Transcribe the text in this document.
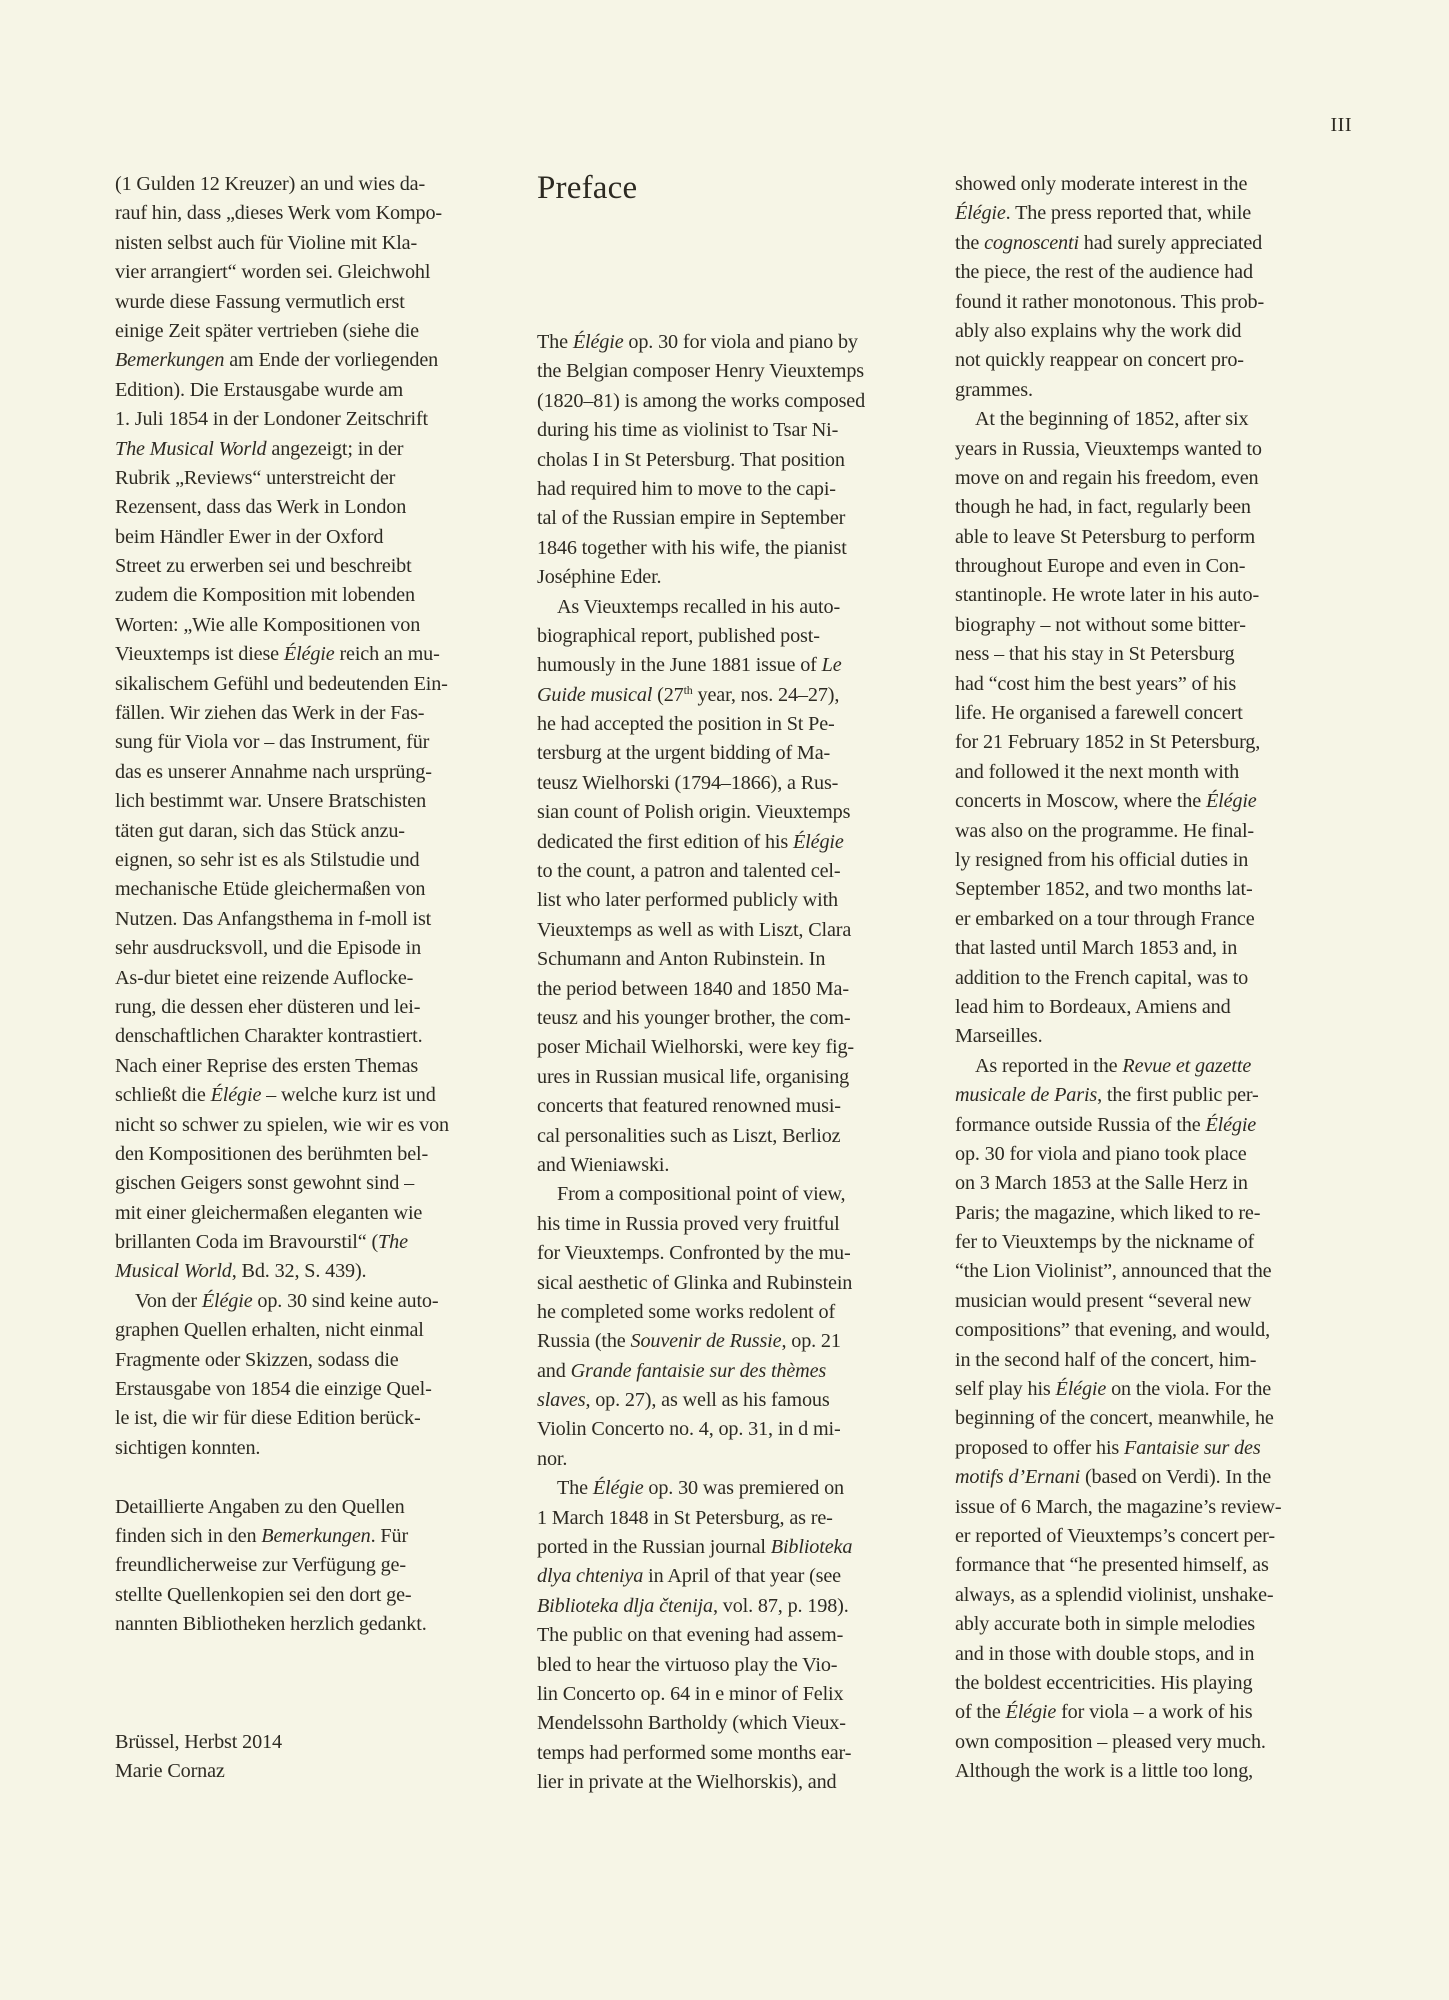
III
(1 Gulden 12 Kreuzer) an und wies da-
rauf hin, dass „dieses Werk vom Kompo-
nisten selbst auch für Violine mit Kla-
vier arrangiert“ worden sei. Gleichwohl
wurde diese Fassung vermutlich erst
einige Zeit später vertrieben (siehe die
Bemerkungen am Ende der vorliegenden
Edition). Die Erstausgabe wurde am
1. Juli 1854 in der Londoner Zeitschrift
The Musical World angezeigt; in der
Rubrik „Reviews“ unterstreicht der
Rezensent, dass das Werk in London
beim Händler Ewer in der Oxford
Street zu erwerben sei und beschreibt
zudem die Komposition mit lobenden
Worten: „Wie alle Kompositionen von
Vieuxtemps ist diese Élégie reich an mu-
sikalischem Gefühl und bedeutenden Ein-
fällen. Wir ziehen das Werk in der Fas-
sung für Viola vor – das Instrument, für
das es unserer Annahme nach ursprüng-
lich bestimmt war. Unsere Bratschisten
täten gut daran, sich das Stück anzu-
eignen, so sehr ist es als Stilstudie und
mechanische Etüde gleichermaßen von
Nutzen. Das Anfangsthema in f-moll ist
sehr ausdrucksvoll, und die Episode in
As-dur bietet eine reizende Auflocke-
rung, die dessen eher düsteren und lei-
denschaftlichen Charakter kontrastiert.
Nach einer Reprise des ersten Themas
schließt die Élégie – welche kurz ist und
nicht so schwer zu spielen, wie wir es von
den Kompositionen des berühmten bel-
gischen Geigers sonst gewohnt sind –
mit einer gleichermaßen eleganten wie
brillanten Coda im Bravourstil“ (The
Musical World, Bd. 32, S. 439).
Von der Élégie op. 30 sind keine auto-
graphen Quellen erhalten, nicht einmal
Fragmente oder Skizzen, sodass die
Erstausgabe von 1854 die einzige Quel-
le ist, die wir für diese Edition berück-
sichtigen konnten.
Detaillierte Angaben zu den Quellen
finden sich in den Bemerkungen. Für
freundlicherweise zur Verfügung ge-
stellte Quellenkopien sei den dort ge-
nannten Bibliotheken herzlich gedankt.
Brüssel, Herbst 2014
Marie Cornaz
Preface
The Élégie op. 30 for viola and piano by
the Belgian composer Henry Vieuxtemps
(1820–81) is among the works composed
during his time as violinist to Tsar Ni-
cholas I in St Petersburg. That position
had required him to move to the capi-
tal of the Russian empire in September
1846 together with his wife, the pianist
Joséphine Eder.
As Vieuxtemps recalled in his auto-
biographical report, published post-
humously in the June 1881 issue of Le
Guide musical (27th year, nos. 24–27),
he had accepted the position in St Pe-
tersburg at the urgent bidding of Ma-
teusz Wielhorski (1794–1866), a Rus-
sian count of Polish origin. Vieuxtemps
dedicated the first edition of his Élégie
to the count, a patron and talented cel-
list who later performed publicly with
Vieuxtemps as well as with Liszt, Clara
Schumann and Anton Rubinstein. In
the period between 1840 and 1850 Ma-
teusz and his younger brother, the com-
poser Michail Wielhorski, were key fig-
ures in Russian musical life, organising
concerts that featured renowned musi-
cal personalities such as Liszt, Berlioz
and Wieniawski.
From a compositional point of view,
his time in Russia proved very fruitful
for Vieuxtemps. Confronted by the mu-
sical aesthetic of Glinka and Rubinstein
he completed some works redolent of
Russia (the Souvenir de Russie, op. 21
and Grande fantaisie sur des thèmes
slaves, op. 27), as well as his famous
Violin Concerto no. 4, op. 31, in d mi-
nor.
The Élégie op. 30 was premiered on
1 March 1848 in St Petersburg, as re-
ported in the Russian journal Biblioteka
dlya chteniya in April of that year (see
Biblioteka dlja čtenija, vol. 87, p. 198).
The public on that evening had assem-
bled to hear the virtuoso play the Vio-
lin Concerto op. 64 in e minor of Felix
Mendelssohn Bartholdy (which Vieux-
temps had performed some months ear-
lier in private at the Wielhorskis), and
showed only moderate interest in the
Élégie. The press reported that, while
the cognoscenti had surely appreciated
the piece, the rest of the audience had
found it rather monotonous. This prob-
ably also explains why the work did
not quickly reappear on concert pro-
grammes.
At the beginning of 1852, after six
years in Russia, Vieuxtemps wanted to
move on and regain his freedom, even
though he had, in fact, regularly been
able to leave St Petersburg to perform
throughout Europe and even in Con-
stantinople. He wrote later in his auto-
biography – not without some bitter-
ness – that his stay in St Petersburg
had “cost him the best years” of his
life. He organised a farewell concert
for 21 February 1852 in St Petersburg,
and followed it the next month with
concerts in Moscow, where the Élégie
was also on the programme. He final-
ly resigned from his official duties in
September 1852, and two months lat-
er embarked on a tour through France
that lasted until March 1853 and, in
addition to the French capital, was to
lead him to Bordeaux, Amiens and
Marseilles.
As reported in the Revue et gazette
musicale de Paris, the first public per-
formance outside Russia of the Élégie
op. 30 for viola and piano took place
on 3 March 1853 at the Salle Herz in
Paris; the magazine, which liked to re-
fer to Vieuxtemps by the nickname of
“the Lion Violinist”, announced that the
musician would present “several new
compositions” that evening, and would,
in the second half of the concert, him-
self play his Élégie on the viola. For the
beginning of the concert, meanwhile, he
proposed to offer his Fantaisie sur des
motifs d’Ernani (based on Verdi). In the
issue of 6 March, the magazine’s review-
er reported of Vieuxtemps’s concert per-
formance that “he presented himself, as
always, as a splendid violinist, unshake-
ably accurate both in simple melodies
and in those with double stops, and in
the boldest eccentricities. His playing
of the Élégie for viola – a work of his
own composition – pleased very much.
Although the work is a little too long,
